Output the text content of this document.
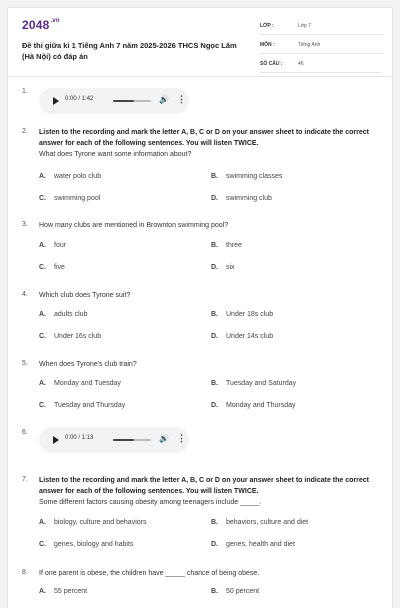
$2048^{.vn}$
Đề thi giữa kì 1 Tiếng Anh 7 năm 2025-2026 THCS Ngọc Lâm (Hà Nội) có đáp án
LỚP :	Lớp 7
MÔN :	Tiếng Anh
SỐ CÂU :	46
1.
0:00 / 1:42	🔊 ⋮
2. Listen to the recording and mark the letter A, B, C or D on your answer sheet to indicate the correct answer for each of the following sentences. You will listen TWICE.
What does Tyrone want some information about?
A. water polo club	B. swimming classes
C. swimming pool	D. swimming club
3. How many clubs are mentioned in Brownton swimming pool?
A. four	B. three
C. five	D. six
4. Which club does Tyrone suit?
A. adults club	B. Under 18s club
C. Under 16s club	D. Under 14s club
5. When does Tyrone's club train?
A. Monday and Tuesday	B. Tuesday and Saturday
C. Tuesday and Thursday	D. Monday and Thursday
6.
0:00 / 1:13	🔊 ⋮
7. Listen to the recording and mark the letter A, B, C or D on your answer sheet to indicate the correct answer for each of the following sentences. You will listen TWICE.
Some different factors causing obesity among teenagers include _____.
A. biology, culture and behaviors	B. behaviors, culture and diet
C. genes, biology and habits	D. genes, health and diet
8. If one parent is obese, the children have _____ chance of being obese.
A. 55 percent	B. 50 percent
